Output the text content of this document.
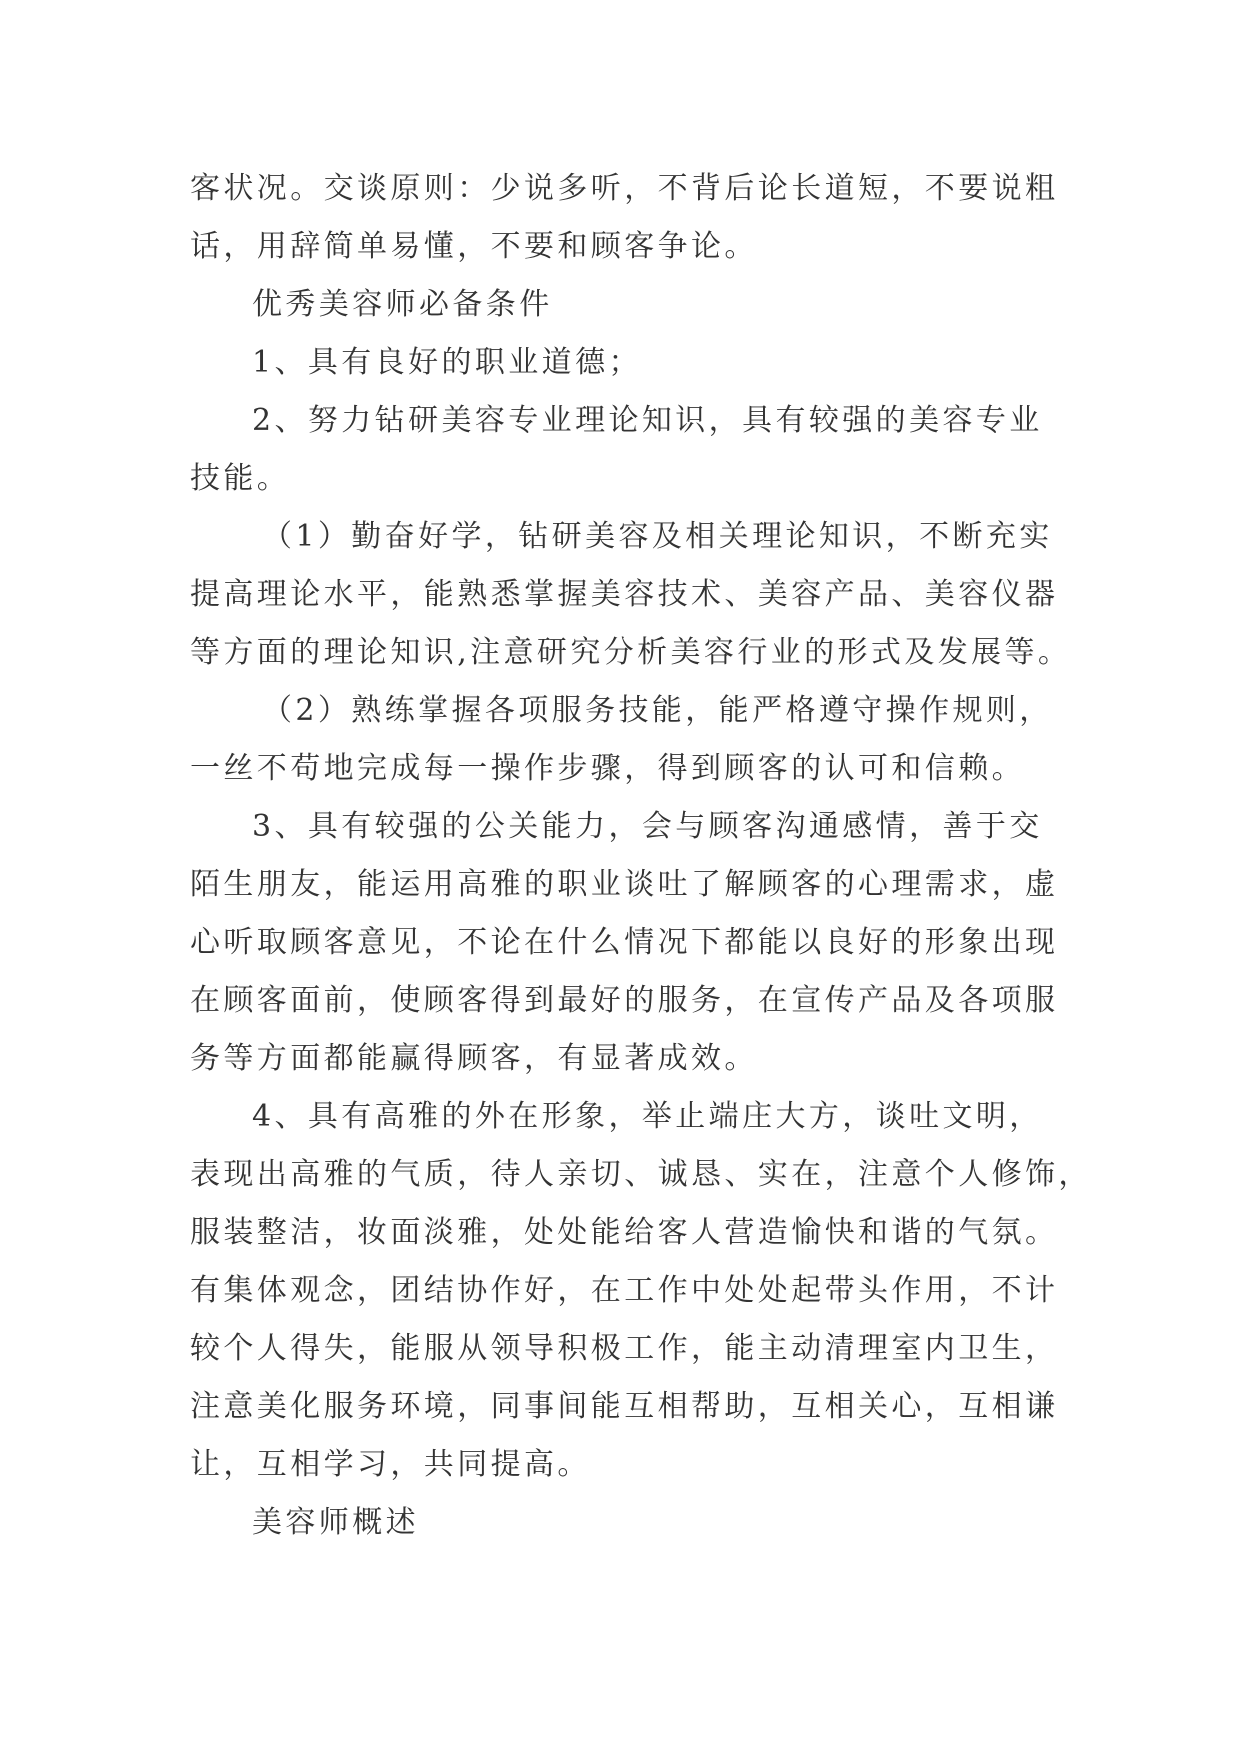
客状况。交谈原则：少说多听，不背后论长道短，不要说粗
话，用辞简单易懂，不要和顾客争论。
优秀美容师必备条件
1、具有良好的职业道德；
2、努力钻研美容专业理论知识，具有较强的美容专业
技能。
（1）勤奋好学，钻研美容及相关理论知识，不断充实
提高理论水平，能熟悉掌握美容技术、美容产品、美容仪器
等方面的理论知识,注意研究分析美容行业的形式及发展等。
（2）熟练掌握各项服务技能，能严格遵守操作规则，
一丝不苟地完成每一操作步骤，得到顾客的认可和信赖。
3、具有较强的公关能力，会与顾客沟通感情，善于交
陌生朋友，能运用高雅的职业谈吐了解顾客的心理需求，虚
心听取顾客意见，不论在什么情况下都能以良好的形象出现
在顾客面前，使顾客得到最好的服务，在宣传产品及各项服
务等方面都能赢得顾客，有显著成效。
4、具有高雅的外在形象，举止端庄大方，谈吐文明，
表现出高雅的气质，待人亲切、诚恳、实在，注意个人修饰，
服装整洁，妆面淡雅，处处能给客人营造愉快和谐的气氛。
有集体观念，团结协作好，在工作中处处起带头作用，不计
较个人得失，能服从领导积极工作，能主动清理室内卫生，
注意美化服务环境，同事间能互相帮助，互相关心，互相谦
让，互相学习，共同提高。
美容师概述
